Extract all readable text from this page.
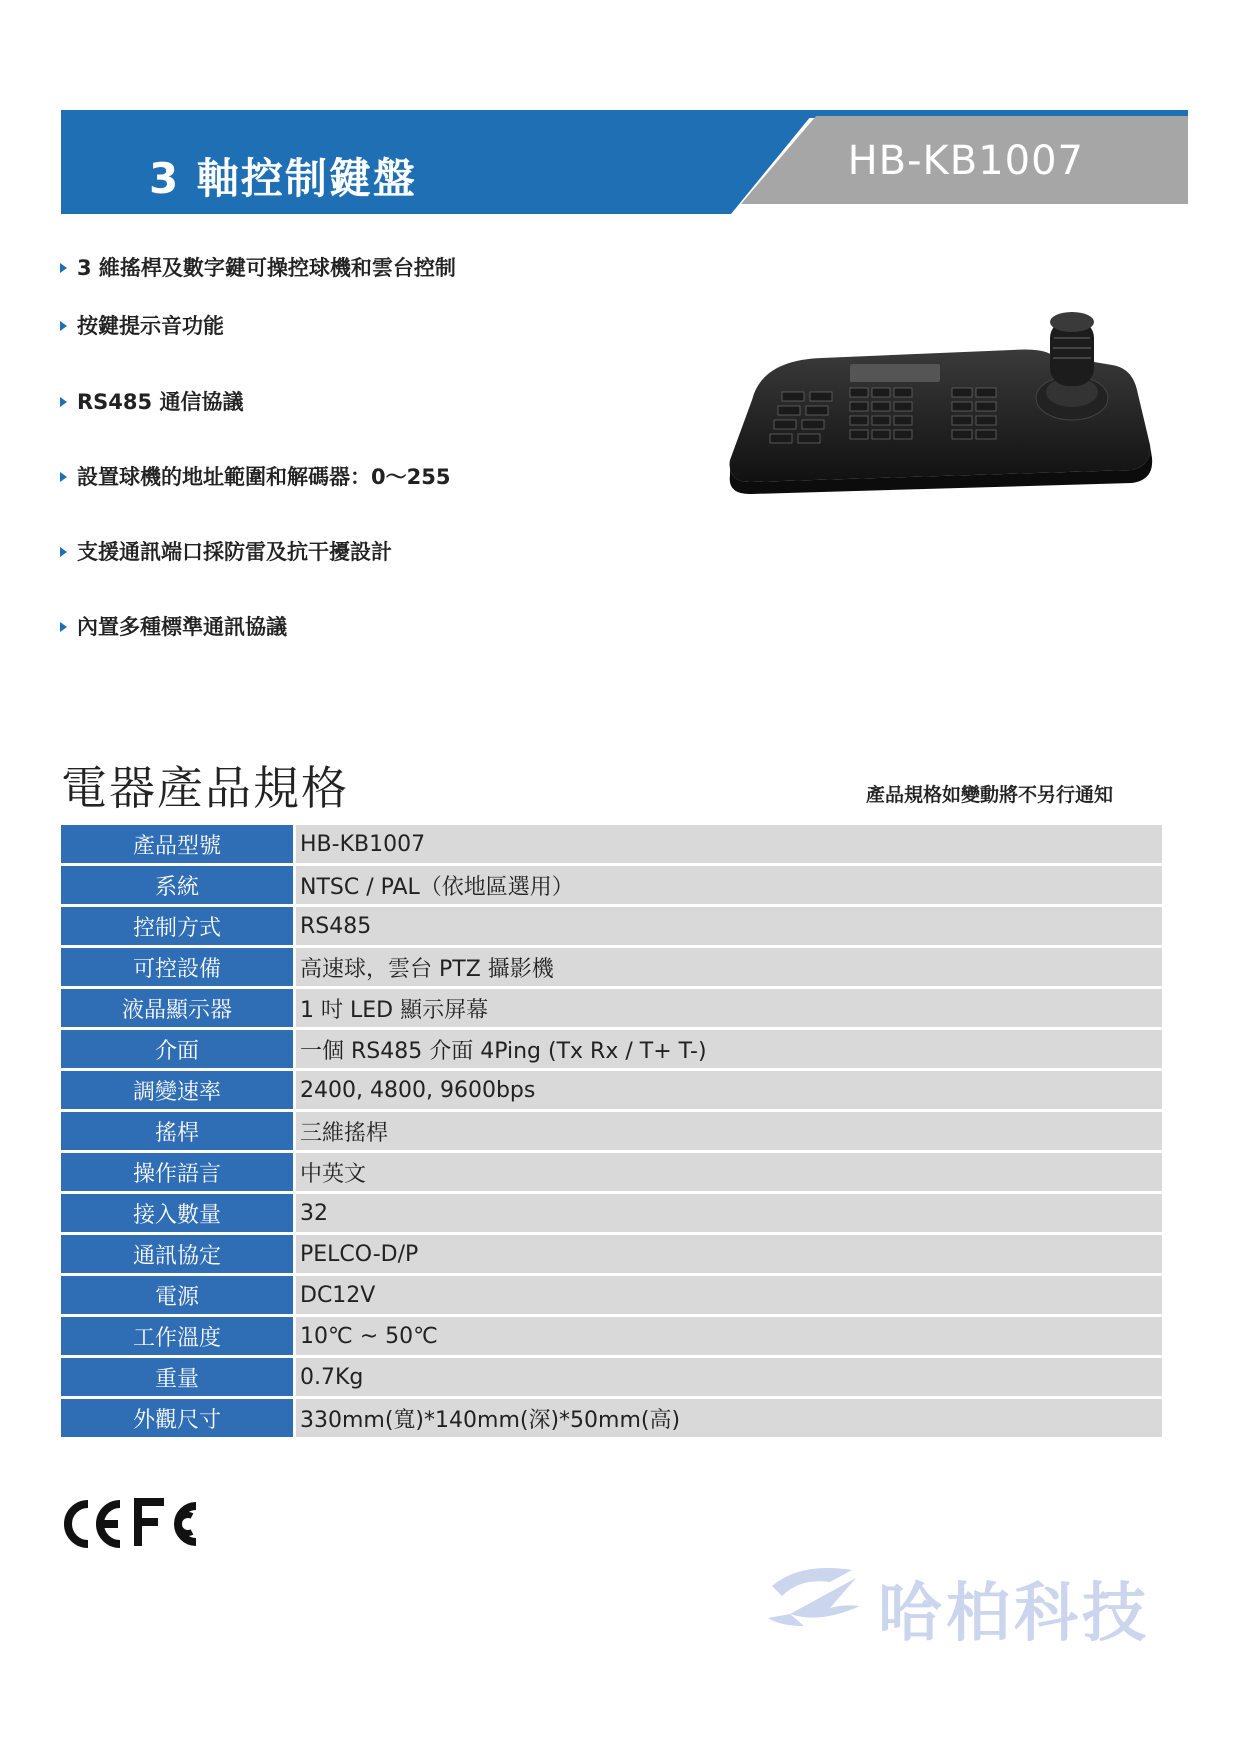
3 軸控制鍵盤	HB-KB1007
3 維搖桿及數字鍵可操控球機和雲台控制
按鍵提示音功能
RS485 通信協議
設置球機的地址範圍和解碼器：0～255
支援通訊端口採防雷及抗干擾設計
內置多種標準通訊協議
電器產品規格	產品規格如變動將不另行通知
產品型號	HB-KB1007
系統	NTSC / PAL（依地區選用）
控制方式	RS485
可控設備	高速球，雲台 PTZ 攝影機
液晶顯示器	1 吋 LED 顯示屏幕
介面	一個 RS485 介面 4Ping (Tx Rx / T+ T-)
調變速率	2400, 4800, 9600bps
搖桿	三維搖桿
操作語言	中英文
接入數量	32
通訊協定	PELCO-D/P
電源	DC12V
工作溫度	10℃ ~ 50℃
重量	0.7Kg
外觀尺寸	330mm(寬)*140mm(深)*50mm(高)
哈柏科技
